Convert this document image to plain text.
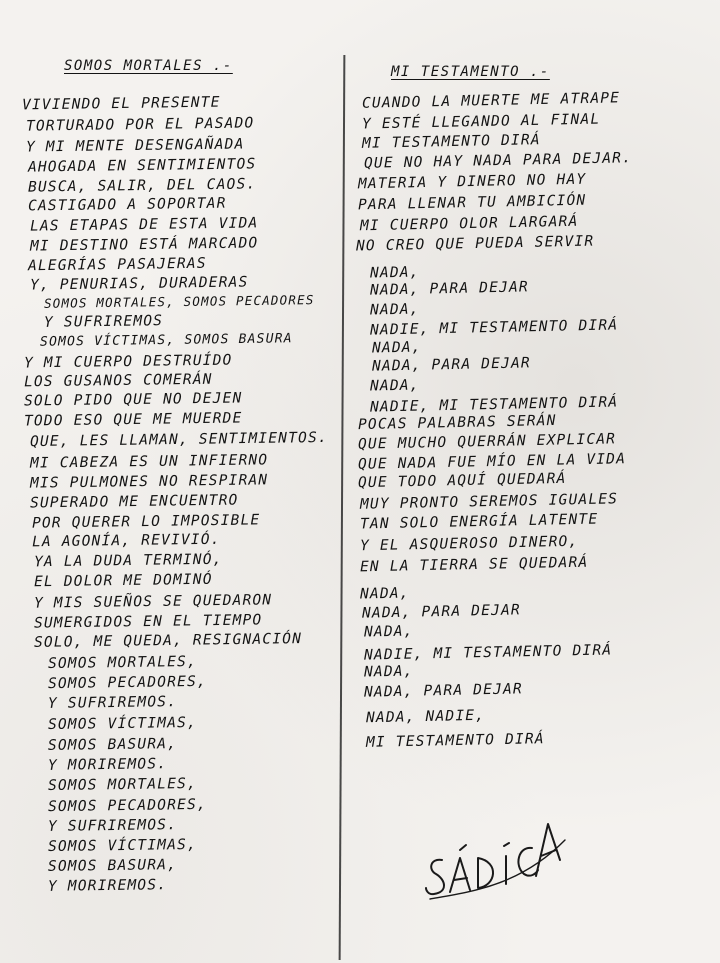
SOMOS MORTALES .-
VIVIENDO EL PRESENTE
TORTURADO POR EL PASADO
Y MI MENTE DESENGAÑADA
AHOGADA EN SENTIMIENTOS
BUSCA, SALIR, DEL CAOS.
CASTIGADO A SOPORTAR
LAS ETAPAS DE ESTA VIDA
MI DESTINO ESTÁ MARCADO
ALEGRÍAS PASAJERAS
Y, PENURIAS, DURADERAS
SOMOS MORTALES, SOMOS PECADORES
Y SUFRIREMOS
SOMOS VÍCTIMAS, SOMOS BASURA
Y MI CUERPO DESTRUÍDO
LOS GUSANOS COMERÁN
SOLO PIDO QUE NO DEJEN
TODO ESO QUE ME MUERDE
QUE, LES LLAMAN, SENTIMIENTOS.
MI CABEZA ES UN INFIERNO
MIS PULMONES NO RESPIRAN
SUPERADO ME ENCUENTRO
POR QUERER LO IMPOSIBLE
LA AGONÍA, REVIVIÓ.
YA LA DUDA TERMINÓ,
EL DOLOR ME DOMINÓ
Y MIS SUEÑOS SE QUEDARON
SUMERGIDOS EN EL TIEMPO
SOLO, ME QUEDA, RESIGNACIÓN
SOMOS MORTALES,
SOMOS PECADORES,
Y SUFRIREMOS.
SOMOS VÍCTIMAS,
SOMOS BASURA,
Y MORIREMOS.
SOMOS MORTALES,
SOMOS PECADORES,
Y SUFRIREMOS.
SOMOS VÍCTIMAS,
SOMOS BASURA,
Y MORIREMOS.
MI TESTAMENTO .-
CUANDO LA MUERTE ME ATRAPE
Y ESTÉ LLEGANDO AL FINAL
MI TESTAMENTO DIRÁ
QUE NO HAY NADA PARA DEJAR.
MATERIA Y DINERO NO HAY
PARA LLENAR TU AMBICIÓN
MI CUERPO OLOR LARGARÁ
NO CREO QUE PUEDA SERVIR
NADA,
NADA, PARA DEJAR
NADA,
NADIE, MI TESTAMENTO DIRÁ
NADA,
NADA, PARA DEJAR
NADA,
NADIE, MI TESTAMENTO DIRÁ
POCAS PALABRAS SERÁN
QUE MUCHO QUERRÁN EXPLICAR
QUE NADA FUE MÍO EN LA VIDA
QUE TODO AQUÍ QUEDARÁ
MUY PRONTO SEREMOS IGUALES
TAN SOLO ENERGÍA LATENTE
Y EL ASQUEROSO DINERO,
EN LA TIERRA SE QUEDARÁ
NADA,
NADA, PARA DEJAR
NADA,
NADIE, MI TESTAMENTO DIRÁ
NADA,
NADA, PARA DEJAR
NADA, NADIE,
MI TESTAMENTO DIRÁ
